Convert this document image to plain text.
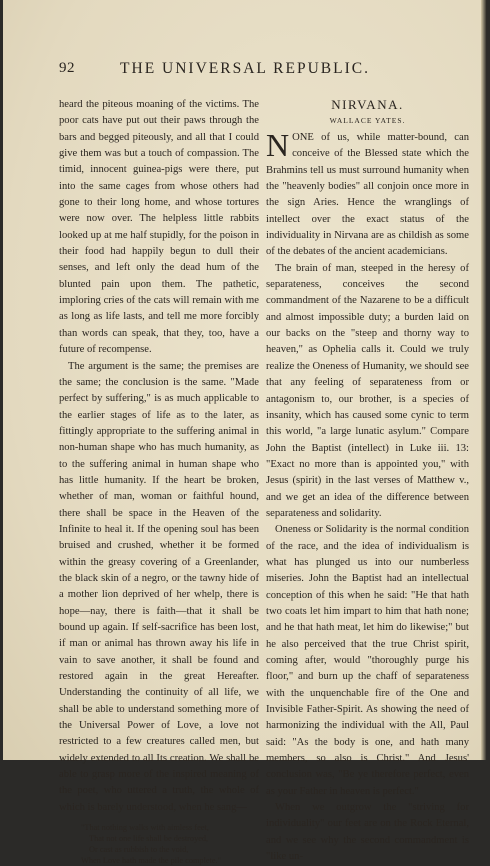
92	THE UNIVERSAL REPUBLIC.

heard the piteous moaning of the victims. The poor cats have put out their paws through the bars and begged piteously, and all that I could give them was but a touch of compassion. The timid, innocent guinea-pigs were there, put into the same cages from whose others had gone to their long home, and whose tortures were now over. The helpless little rabbits looked up at me half stupidly, for the poison in their food had happily begun to dull their senses, and left only the dead hum of the blunted pain upon them. The pathetic, imploring cries of the cats will remain with me as long as life lasts, and tell me more forcibly than words can speak, that they, too, have a future of recompense.

The argument is the same; the premises are the same; the conclusion is the same. "Made perfect by suffering," is as much applicable to the earlier stages of life as to the later, as fittingly appropriate to the suffering animal in non-human shape who has much humanity, as to the suffering animal in human shape who has little humanity. If the heart be broken, whether of man, woman or faithful hound, there shall be space in the Heaven of the Infinite to heal it. If the opening soul has been bruised and crushed, whether it be formed within the greasy covering of a Greenlander, the black skin of a negro, or the tawny hide of a mother lion deprived of her whelp, there is hope—nay, there is faith—that it shall be bound up again. If self-sacrifice has been lost, if man or animal has thrown away his life in vain to save another, it shall be found and restored again in the great Hereafter. Understanding the continuity of all life, we shall be able to understand something more of the Universal Power of Love, a love not restricted to a few creatures called men, but widely extended to all Its creation. We shall be able to grasp more of the inspired meaning of the poet, who uttered a truth, the whole of which is barely understood, when he sang—

"That nothing walks with aimless feet,
That not one life shall be destroyed,
Or cast as rubbish to the void,
When Love hath made the pile complete."
NIRVANA.
WALLACE YATES.

NONE of us, while matter-bound, can conceive of the Blessed state which the Brahmins tell us must surround humanity when the "heavenly bodies" all conjoin once more in the sign Aries. Hence the wranglings of intellect over the exact status of the individuality in Nirvana are as childish as some of the debates of the ancient academicians.

The brain of man, steeped in the heresy of separateness, conceives the second commandment of the Nazarene to be a difficult and almost impossible duty; a burden laid on our backs on the "steep and thorny way to heaven," as Ophelia calls it. Could we truly realize the Oneness of Humanity, we should see that any feeling of separateness from or antagonism to, our brother, is a species of insanity, which has caused some cynic to term this world, "a large lunatic asylum." Compare John the Baptist (intellect) in Luke iii. 13: "Exact no more than is appointed you," with Jesus (spirit) in the last verses of Matthew v., and we get an idea of the difference between separateness and solidarity.

Oneness or Solidarity is the normal condition of the race, and the idea of individualism is what has plunged us into our numberless miseries. John the Baptist had an intellectual conception of this when he said: "He that hath two coats let him impart to him that hath none; and he that hath meat, let him do likewise;" but he also perceived that the true Christ spirit, coming after, would "thoroughly purge his floor," and burn up the chaff of separateness with the unquenchable fire of the One and Invisible Father-Spirit. As showing the need of harmonizing the individual with the All, Paul said: "As the body is one, and hath many members, so also is Christ." And Jesus' conclusion was, "Be ye therefore perfect, even as your Father in heaven is perfect."

When we outgrow the "striving for individuality" our feet are on the Rock Eternal, and we see why the second commandment is "like un-
